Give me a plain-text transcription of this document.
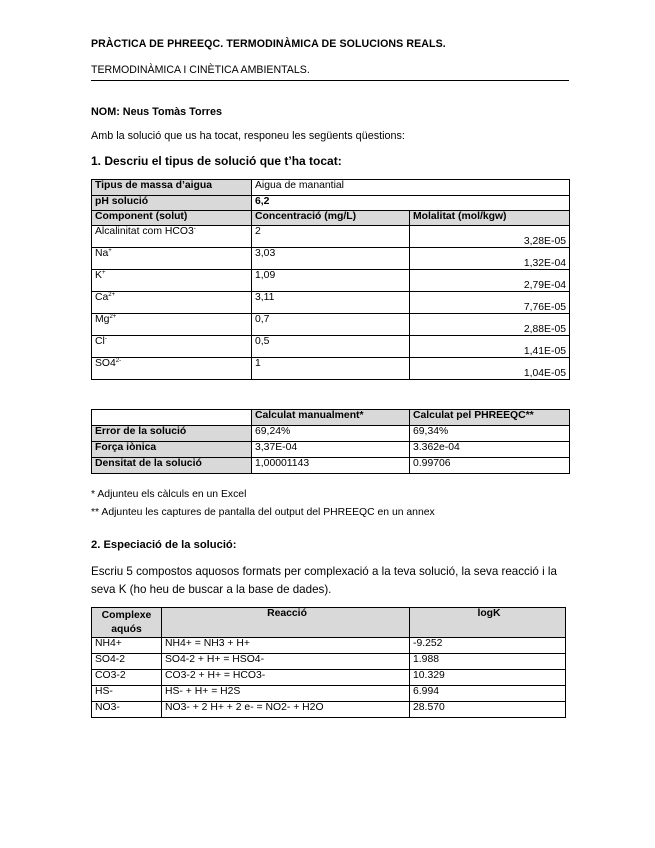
PRÀCTICA DE PHREEQC. TERMODINÀMICA DE SOLUCIONS REALS.
TERMODINÀMICA I CINÈTICA AMBIENTALS.
NOM: Neus Tomàs Torres
Amb la solució que us ha tocat, responeu les següents qüestions:
1. Descriu el tipus de solució que t’ha tocat:
Tipus de massa d’aigua	Aigua de manantial	
pH solució	6,2	
Component (solut)	Concentració (mg/L)	Molalitat (mol/kgw)
Alcalinitat com HCO3-	2	3,28E-05
Na+	3,03	1,32E-04
K+	1,09	2,79E-04
$Ca^{2+}$	3,11	7,76E-05
$Mg^{2+}$	0,7	2,88E-05
Cl-	0,5	1,41E-05
$SO4^{2-}$	1	1,04E-05
	Calculat manualment*	Calculat pel PHREEQC**
Error de la solució	69,24%	69,34%
Força iònica	3,37E-04	3.362e-04
Densitat de la solució	1,00001143	0.99706
* Adjunteu els càlculs en un Excel
** Adjunteu les captures de pantalla del output del PHREEQC en un annex
2. Especiació de la solució:
Escriu 5 compostos aquosos formats per complexació a la teva solució, la seva reacció i la seva K (ho heu de buscar a la base de dades).
Complexe aquós	Reacció	logK
NH4+	NH4+ = NH3 + H+	-9.252
SO4-2	SO4-2 + H+ = HSO4-	1.988
CO3-2	CO3-2 + H+ = HCO3-	10.329
HS-	HS- + H+ = H2S	6.994
NO3-	NO3- + 2 H+ + 2 e- = NO2- + H2O	28.570
